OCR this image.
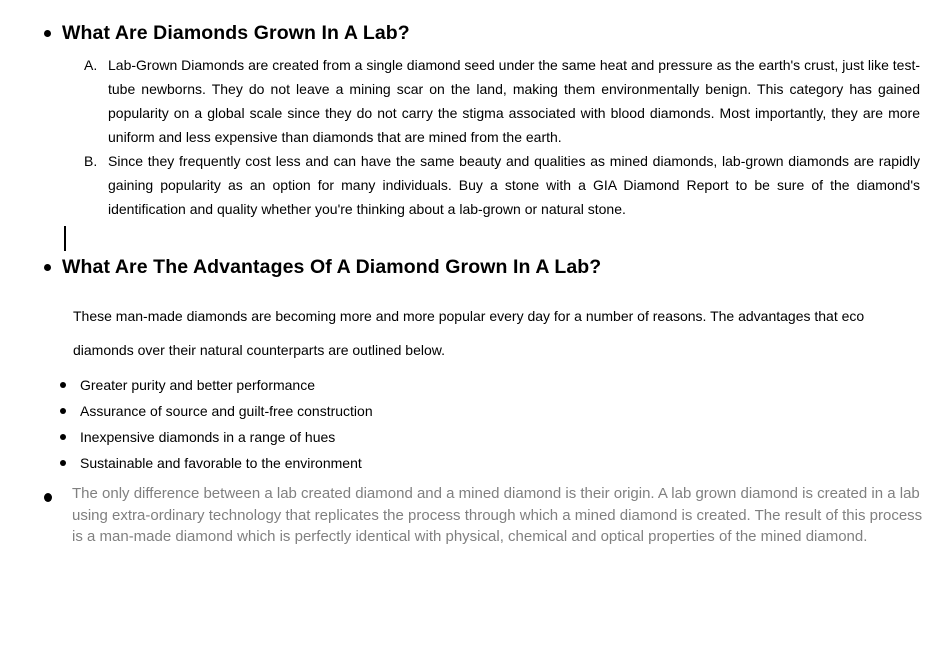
What Are Diamonds Grown In A Lab?
A. Lab-Grown Diamonds are created from a single diamond seed under the same heat and pressure as the earth's crust, just like test-tube newborns. They do not leave a mining scar on the land, making them environmentally benign. This category has gained popularity on a global scale since they do not carry the stigma associated with blood diamonds. Most importantly, they are more uniform and less expensive than diamonds that are mined from the earth.

B. Since they frequently cost less and can have the same beauty and qualities as mined diamonds, lab-grown diamonds are rapidly gaining popularity as an option for many individuals. Buy a stone with a GIA Diamond Report to be sure of the diamond's identification and quality whether you're thinking about a lab-grown or natural stone.

What Are The Advantages Of A Diamond Grown In A Lab?

These man-made diamonds are becoming more and more popular every day for a number of reasons. The advantages that eco diamonds over their natural counterparts are outlined below.

Greater purity and better performance
Assurance of source and guilt-free construction
Inexpensive diamonds in a range of hues
Sustainable and favorable to the environment

The only difference between a lab created diamond and a mined diamond is their origin. A lab grown diamond is created in a lab using extra-ordinary technology that replicates the process through which a mined diamond is created. The result of this process is a man-made diamond which is perfectly identical with physical, chemical and optical properties of the mined diamond.
